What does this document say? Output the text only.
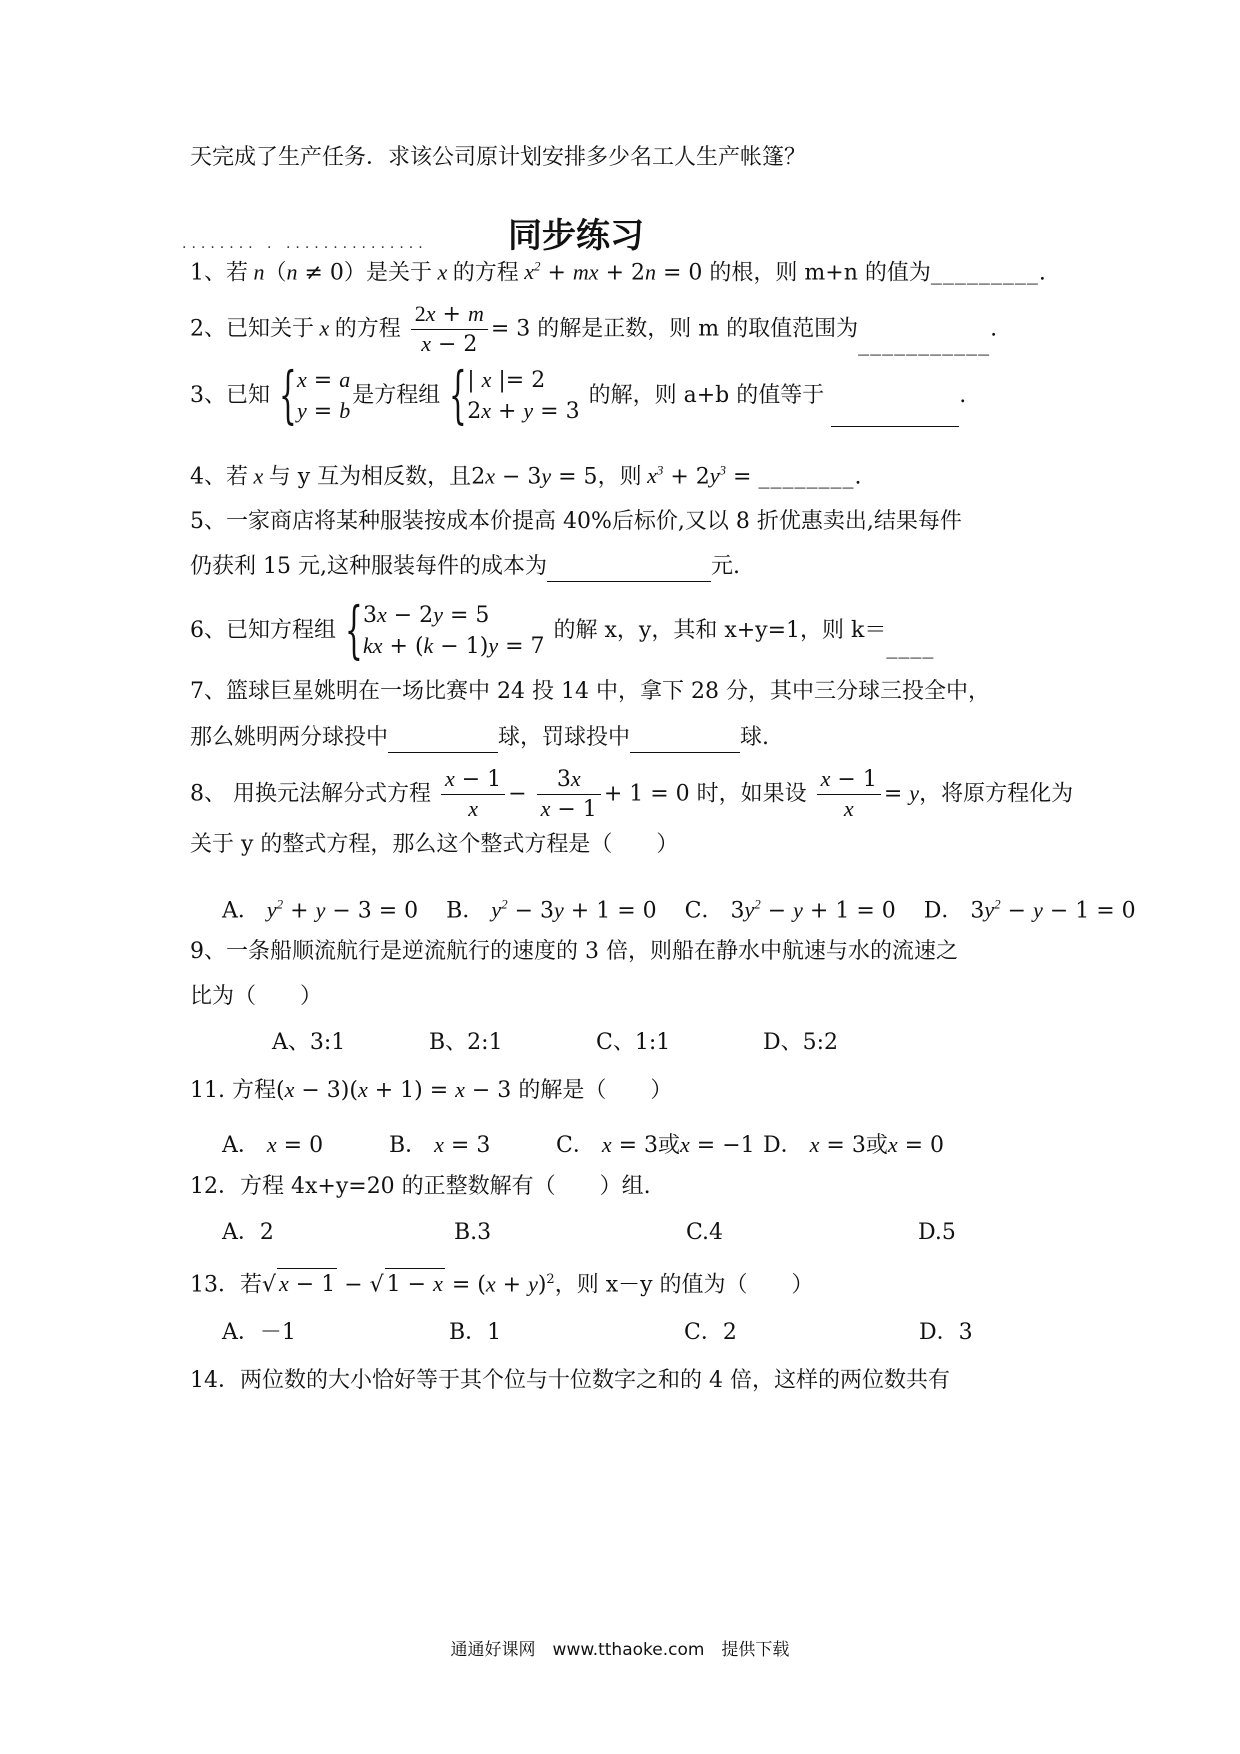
天完成了生产任务．求该公司原计划安排多少名工人生产帐篷？
........ . ............... 同步练习
1、若 n（n ≠ 0）是关于 x 的方程 $x^2$ + mx + 2n = 0 的根，则 m+n 的值为_________.
2、已知关于 x 的方程 $\frac{2x + m}{x - 2} = 3$ 的解是正数，则 m 的取值范围为___________.
3、已知 { x = a
y = b
是方程组 { | x |= 2
2x + y = 3
的解，则 a+b 的值等于	.
4、若 x 与 y 互为相反数，且2x − 3y = 5，则 $x^3 + 2y^3$ = ________.
5、一家商店将某种服装按成本价提高 40%后标价,又以 8 折优惠卖出,结果每件
仍获利 15 元,这种服装每件的成本为	元.
6、已知方程组 { 3x − 2y = 5
kx + (k − 1)y = 7
的解 x，y，其和 x+y=1，则 k＝____
7、篮球巨星姚明在一场比赛中 24 投 14 中，拿下 28 分，其中三分球三投全中，
那么姚明两分球投中	球，罚球投中	球.
8、 用换元法解分式方程 $\frac{x - 1}{x} - \frac{3x}{x - 1} + 1 = 0$ 时，如果设 $\frac{x - 1}{x} = y$，将原方程化为
关于 y 的整式方程，那么这个整式方程是（　　）
A． $y^2 + y - 3 = 0$ B． $y^2 - 3y + 1 = 0$ C． $3y^2 - y + 1 = 0$ D． $3y^2 - y - 1 = 0$
9、一条船顺流航行是逆流航行的速度的 3 倍，则船在静水中航速与水的流速之
比为（　　）
A、3:1	B、2:1	C、1:1	D、5:2
11. 方程(x − 3)(x + 1) = x − 3 的解是（　　）
A． x = 0	B． x = 3	C． x = 3或x = −1 D． x = 3或x = 0
12．方程 4x+y=20 的正整数解有（　　）组.
A．2	B.3	C.4	D.5
13．若√ x − 1 − √ $1 - x = (x + y)^2$，则 x－y 的值为（　　）
A．－1	B．1	C．2	D．3
14．两位数的大小恰好等于其个位与十位数字之和的 4 倍，这样的两位数共有
通通好课网　www.tthaoke.com　提供下载
